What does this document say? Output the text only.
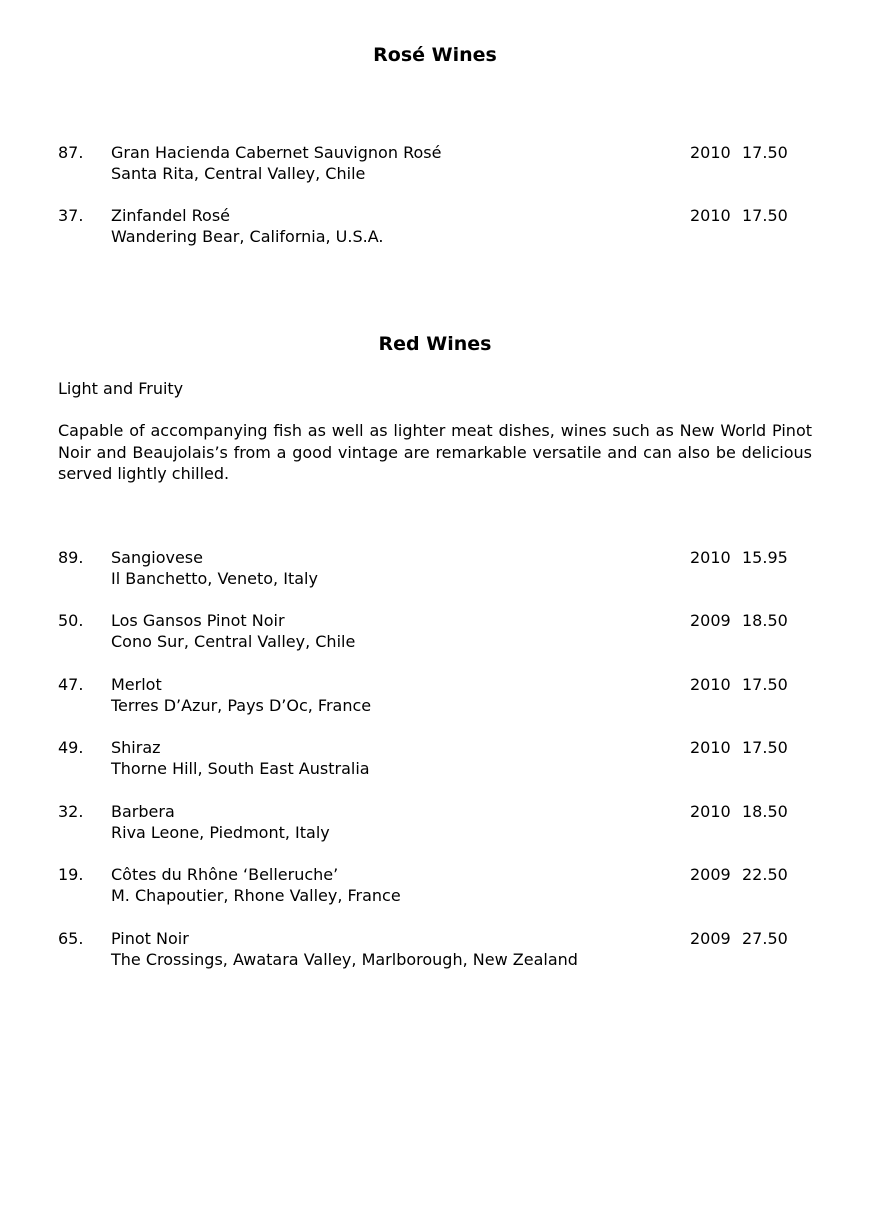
Rosé Wines
87. Gran Hacienda Cabernet Sauvignon Rosé
Santa Rita, Central Valley, Chile
2010 17.50
37. Zinfandel Rosé
Wandering Bear, California, U.S.A.
2010 17.50
Red Wines
Light and Fruity

Capable of accompanying fish as well as lighter meat dishes, wines such as New World Pinot Noir and Beaujolais’s from a good vintage are remarkable versatile and can also be delicious served lightly chilled.

89. Sangiovese
Il Banchetto, Veneto, Italy
2010 15.95
50. Los Gansos Pinot Noir
Cono Sur, Central Valley, Chile
2009 18.50
47. Merlot
Terres D’Azur, Pays D’Oc, France
2010 17.50
49. Shiraz
Thorne Hill, South East Australia
2010 17.50
32. Barbera
Riva Leone, Piedmont, Italy
2010 18.50
19. Côtes du Rhône ‘Belleruche’
M. Chapoutier, Rhone Valley, France
2009 22.50
65. Pinot Noir
The Crossings, Awatara Valley, Marlborough, New Zealand
2009 27.50
